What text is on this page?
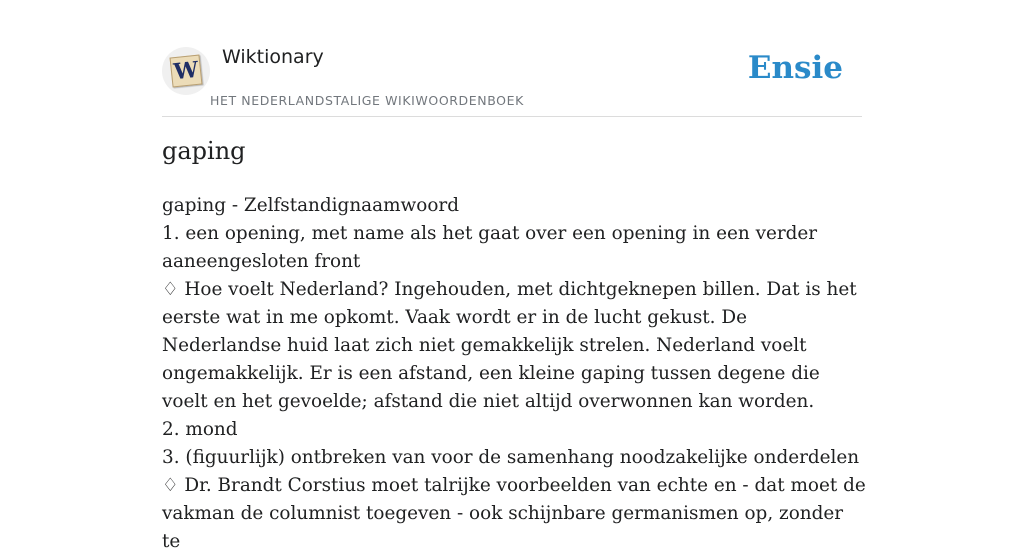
W Wiktionary
HET NEDERLANDSTALIGE WIKIWOORDENBOEK
Ensie
gaping
gaping - Zelfstandignaamwoord
1. een opening, met name als het gaat over een opening in een verder aaneengesloten front
♢ Hoe voelt Nederland? Ingehouden, met dichtgeknepen billen. Dat is het eerste wat in me opkomt. Vaak wordt er in de lucht gekust. De Nederlandse huid laat zich niet gemakkelijk strelen. Nederland voelt ongemakkelijk. Er is een afstand, een kleine gaping tussen degene die voelt en het gevoelde; afstand die niet altijd overwonnen kan worden.
2. mond
3. (figuurlijk) ontbreken van voor de samenhang noodzakelijke onderdelen
♢ Dr. Brandt Corstius moet talrijke voorbeelden van echte en - dat moet de vakman de columnist toegeven - ook schijnbare germanismen op, zonder te
